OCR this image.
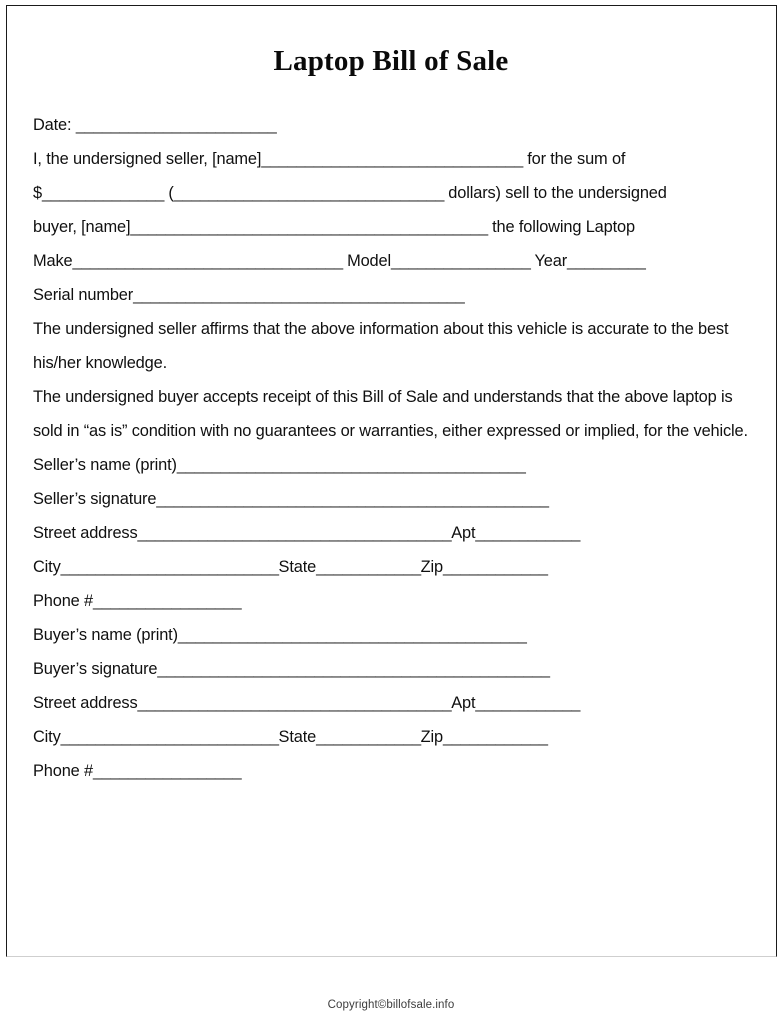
Laptop Bill of Sale
Date: _______________________
I, the undersigned seller, [name]______________________________ for the sum of
$______________ (_______________________________ dollars) sell to the undersigned
buyer, [name]_________________________________________ the following Laptop
Make_______________________________ Model________________ Year_________
Serial number______________________________________

The undersigned seller affirms that the above information about this vehicle is accurate to the best his/her knowledge.

The undersigned buyer accepts receipt of this Bill of Sale and understands that the above laptop is sold in “as is” condition with no guarantees or warranties, either expressed or implied, for the vehicle.

Seller’s name (print)________________________________________
Seller’s signature_____________________________________________
Street address____________________________________Apt____________
City_________________________State____________Zip____________
Phone #_________________
Buyer’s name (print)________________________________________
Buyer’s signature_____________________________________________
Street address____________________________________Apt____________
City_________________________State____________Zip____________
Phone #_________________
Copyright©billofsale.info
